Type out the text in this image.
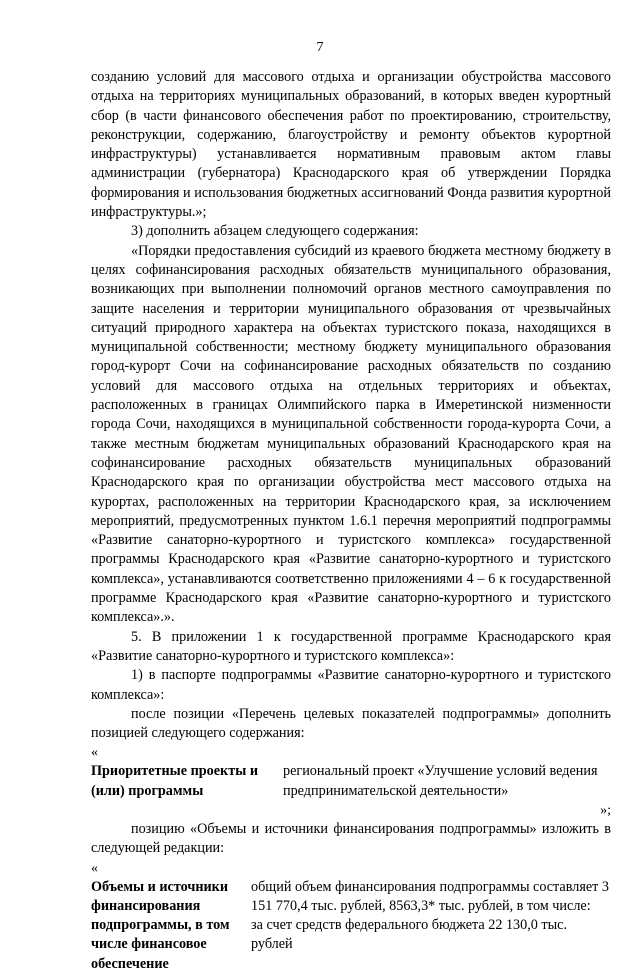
7

созданию условий для массового отдыха и организации обустройства массового отдыха на территориях муниципальных образований, в которых введен курортный сбор (в части финансового обеспечения работ по проектированию, строительству, реконструкции, содержанию, благоустройству и ремонту объектов курортной инфраструктуры) устанавливается нормативным правовым актом главы администрации (губернатора) Краснодарского края об утверждении Порядка формирования и использования бюджетных ассигнований Фонда развития курортной инфраструктуры.»;

3) дополнить абзацем следующего содержания:

«Порядки предоставления субсидий из краевого бюджета местному бюджету в целях софинансирования расходных обязательств муниципального образования, возникающих при выполнении полномочий органов местного самоуправления по защите населения и территории муниципального образования от чрезвычайных ситуаций природного характера на объектах туристского показа, находящихся в муниципальной собственности; местному бюджету муниципального образования город-курорт Сочи на софинансирование расходных обязательств по созданию условий для массового отдыха на отдельных территориях и объектах, расположенных в границах Олимпийского парка в Имеретинской низменности города Сочи, находящихся в муниципальной собственности города-курорта Сочи, а также местным бюджетам муниципальных образований Краснодарского края на софинансирование расходных обязательств муниципальных образований Краснодарского края по организации обустройства мест массового отдыха на курортах, расположенных на территории Краснодарского края, за исключением мероприятий, предусмотренных пунктом 1.6.1 перечня мероприятий подпрограммы «Развитие санаторно-курортного и туристского комплекса» государственной программы Краснодарского края «Развитие санаторно-курортного и туристского комплекса», устанавливаются соответственно приложениями 4 – 6 к государственной программе Краснодарского края «Развитие санаторно-курортного и туристского комплекса».».

5. В приложении 1 к государственной программе Краснодарского края «Развитие санаторно-курортного и туристского комплекса»:

1) в паспорте подпрограммы «Развитие санаторно-курортного и туристского комплекса»:

после позиции «Перечень целевых показателей подпрограммы» дополнить позицией следующего содержания:

«

Приоритетные проекты и (или) программы
региональный проект «Улучшение условий ведения предпринимательской деятельности»

»;

позицию «Объемы и источники финансирования подпрограммы» изложить в следующей редакции:

«

Объемы и источники финансирования подпрограммы, в том числе финансовое обеспечение
общий объем финансирования подпрограммы составляет 3 151 770,4 тыс. рублей, 8563,3* тыс. рублей, в том числе:
за счет средств федерального бюджета 22 130,0 тыс. рублей
